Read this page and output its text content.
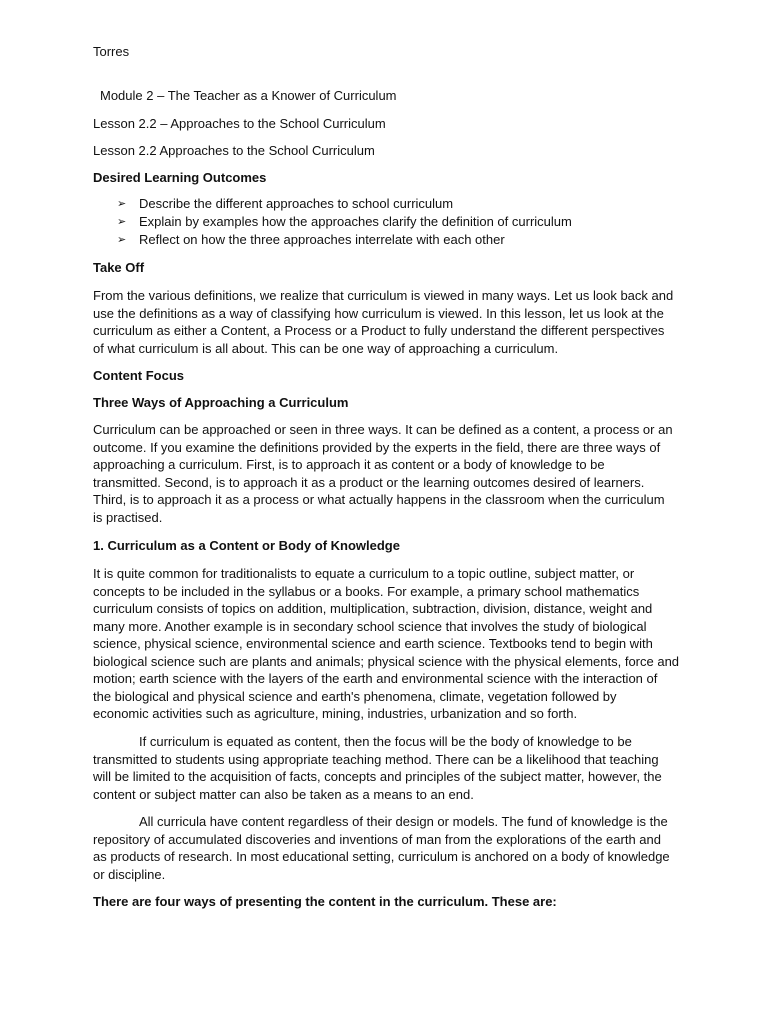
Torres
Module 2 – The Teacher as a Knower of Curriculum
Lesson 2.2 – Approaches to the School Curriculum
Lesson 2.2 Approaches to the School Curriculum
Desired Learning Outcomes
➢ Describe the different approaches to school curriculum
➢ Explain by examples how the approaches clarify the definition of curriculum
➢ Reflect on how the three approaches interrelate with each other
Take Off
From the various definitions, we realize that curriculum is viewed in many ways. Let us look back and
use the definitions as a way of classifying how curriculum is viewed. In this lesson, let us look at the
curriculum as either a Content, a Process or a Product to fully understand the different perspectives
of what curriculum is all about. This can be one way of approaching a curriculum.
Content Focus
Three Ways of Approaching a Curriculum
Curriculum can be approached or seen in three ways. It can be defined as a content, a process or an
outcome. If you examine the definitions provided by the experts in the field, there are three ways of
approaching a curriculum. First, is to approach it as content or a body of knowledge to be
transmitted. Second, is to approach it as a product or the learning outcomes desired of learners.
Third, is to approach it as a process or what actually happens in the classroom when the curriculum
is practised.
1. Curriculum as a Content or Body of Knowledge
It is quite common for traditionalists to equate a curriculum to a topic outline, subject matter, or
concepts to be included in the syllabus or a books. For example, a primary school mathematics
curriculum consists of topics on addition, multiplication, subtraction, division, distance, weight and
many more. Another example is in secondary school science that involves the study of biological
science, physical science, environmental science and earth science. Textbooks tend to begin with
biological science such are plants and animals; physical science with the physical elements, force and
motion; earth science with the layers of the earth and environmental science with the interaction of
the biological and physical science and earth's phenomena, climate, vegetation followed by
economic activities such as agriculture, mining, industries, urbanization and so forth.
If curriculum is equated as content, then the focus will be the body of knowledge to be
transmitted to students using appropriate teaching method. There can be a likelihood that teaching
will be limited to the acquisition of facts, concepts and principles of the subject matter, however, the
content or subject matter can also be taken as a means to an end.
All curricula have content regardless of their design or models. The fund of knowledge is the
repository of accumulated discoveries and inventions of man from the explorations of the earth and
as products of research. In most educational setting, curriculum is anchored on a body of knowledge
or discipline.
There are four ways of presenting the content in the curriculum. These are:
